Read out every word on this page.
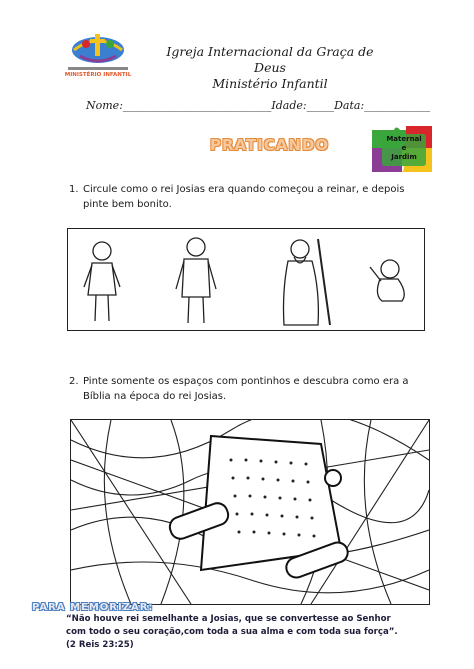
MINISTÉRIO INFANTIL
Igreja Internacional da Graça de Deus
Ministério Infantil
Nome:___________________________Idade:_____Data:____________
PRATICANDO	Maternal
e
Jardim
1. Circule como o rei Josias era quando começou a reinar, e depois pinte bem bonito.
2. Pinte somente os espaços com pontinhos e descubra como era a Bíblia na época do rei Josias.
PARA MEMORIZAR:
“Não houve rei semelhante a Josias, que se convertesse ao Senhor com todo o seu coração,com toda a sua alma e com toda sua força”.(2 Reis 23:25)
